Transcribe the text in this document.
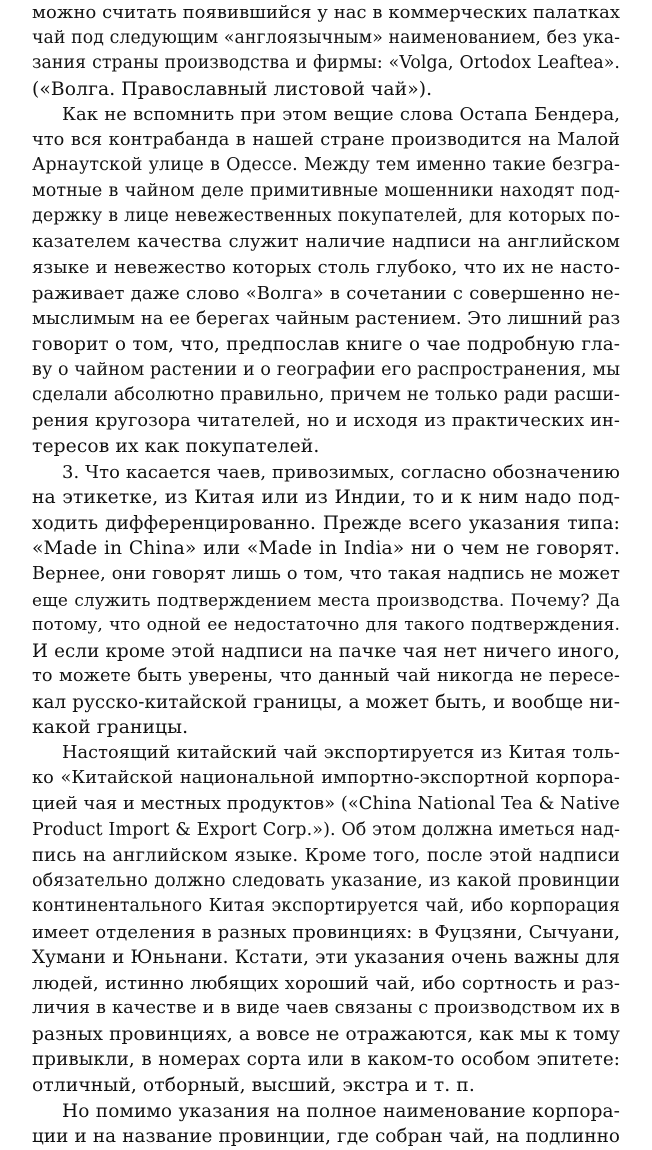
можно считать появившийся у нас в коммерческих палатках
чай под следующим «англоязычным» наименованием, без ука-
зания страны производства и фирмы: «Volga, Ortodox Leaftea».
(«Волга. Православный листовой чай»).
Как не вспомнить при этом вещие слова Остапа Бендера,
что вся контрабанда в нашей стране производится на Малой
Арнаутской улице в Одессе. Между тем именно такие безгра-
мотные в чайном деле примитивные мошенники находят под-
держку в лице невежественных покупателей, для которых по-
казателем качества служит наличие надписи на английском
языке и невежество которых столь глубоко, что их не насто-
раживает даже слово «Волга» в сочетании с совершенно не-
мыслимым на ее берегах чайным растением. Это лишний раз
говорит о том, что, предпослав книге о чае подробную гла-
ву о чайном растении и о географии его распространения, мы
сделали абсолютно правильно, причем не только ради расши-
рения кругозора читателей, но и исходя из практических ин-
тересов их как покупателей.
3. Что касается чаев, привозимых, согласно обозначению
на этикетке, из Китая или из Индии, то и к ним надо под-
ходить дифференцированно. Прежде всего указания типа:
«Made in China» или «Made in India» ни о чем не говорят.
Вернее, они говорят лишь о том, что такая надпись не может
еще служить подтверждением места производства. Почему? Да
потому, что одной ее недостаточно для такого подтверждения.
И если кроме этой надписи на пачке чая нет ничего иного,
то можете быть уверены, что данный чай никогда не пересе-
кал русско-китайской границы, а может быть, и вообще ни-
какой границы.
Настоящий китайский чай экспортируется из Китая толь-
ко «Китайской национальной импортно-экспортной корпора-
цией чая и местных продуктов» («China National Tea & Native
Product Import & Export Corp.»). Об этом должна иметься над-
пись на английском языке. Кроме того, после этой надписи
обязательно должно следовать указание, из какой провинции
континентального Китая экспортируется чай, ибо корпорация
имеет отделения в разных провинциях: в Фуцзяни, Сычуани,
Хумани и Юньнани. Кстати, эти указания очень важны для
людей, истинно любящих хороший чай, ибо сортность и раз-
личия в качестве и в виде чаев связаны с производством их в
разных провинциях, а вовсе не отражаются, как мы к тому
привыкли, в номерах сорта или в каком-то особом эпитете:
отличный, отборный, высший, экстра и т. п.
Но помимо указания на полное наименование корпора-
ции и на название провинции, где собран чай, на подлинно
